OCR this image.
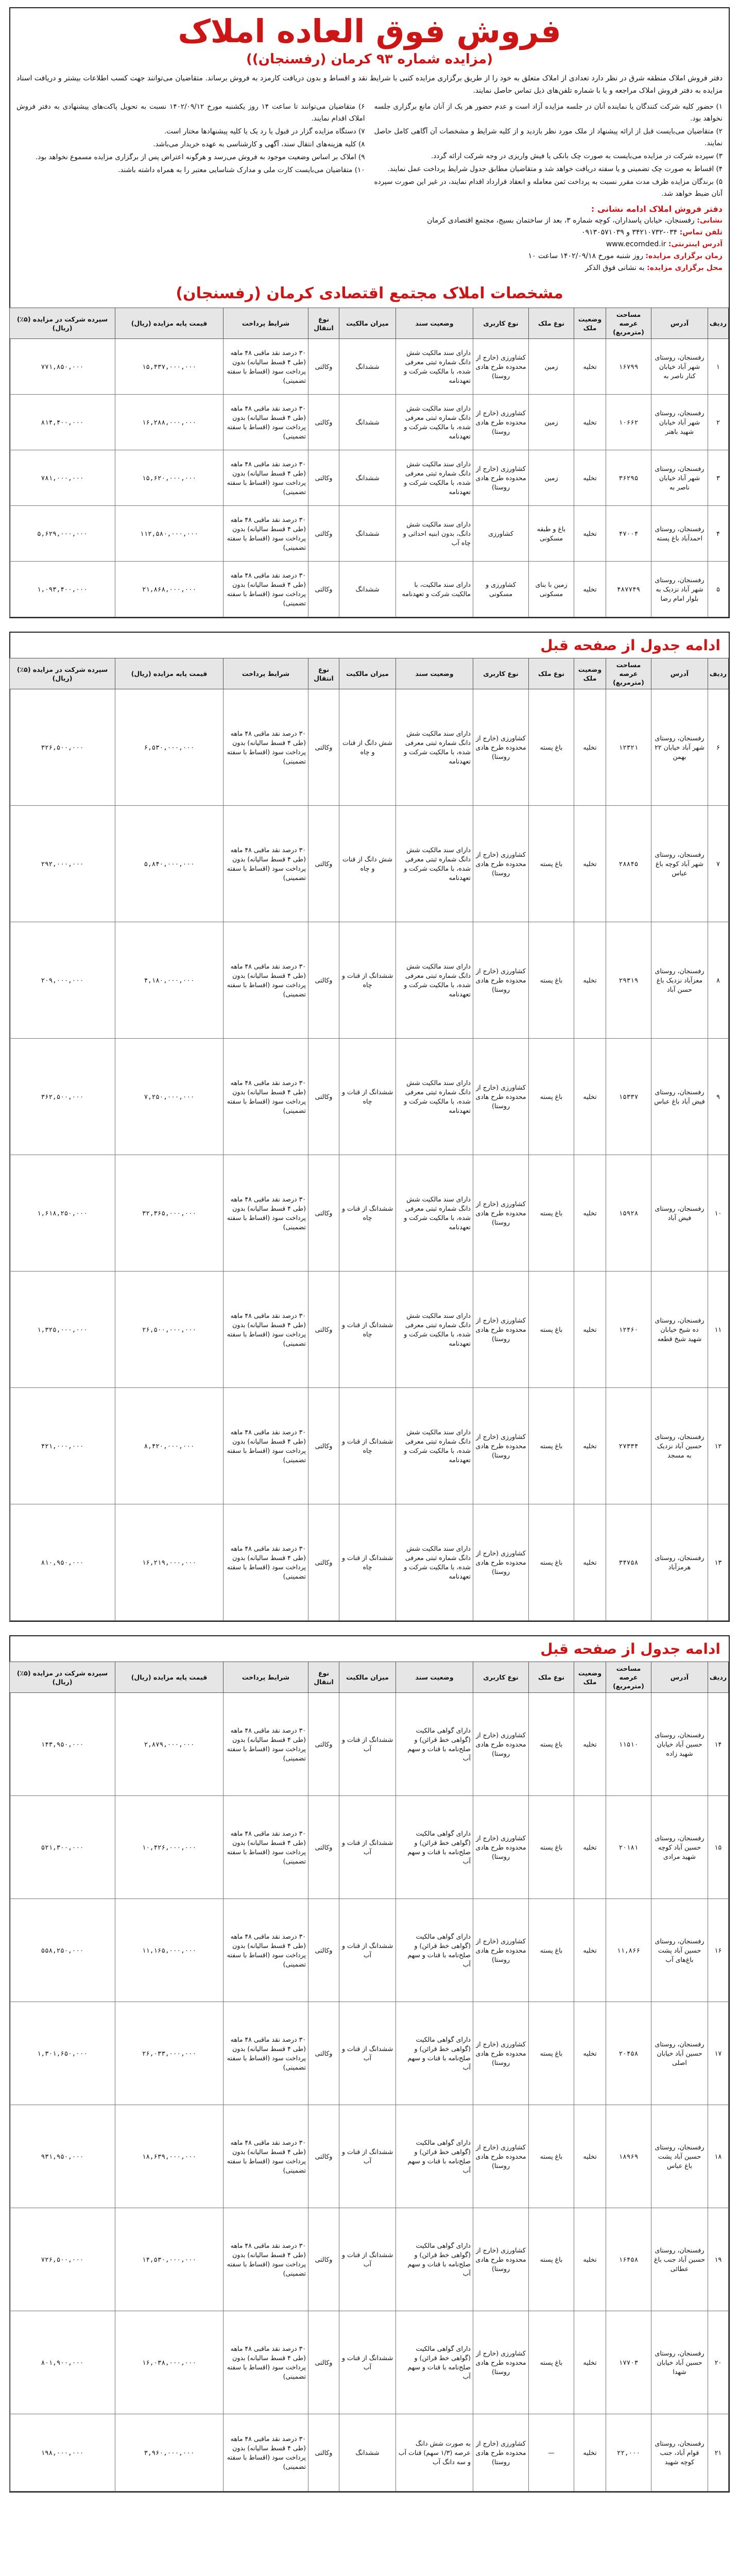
فروش فوق العاده املاک
(مزایده شماره ۹۳ کرمان (رفسنجان))
دفتر فروش املاک منطقه شرق در نظر دارد تعدادی از املاک متعلق به خود را از طریق برگزاری مزایده کتبی با شرایط نقد و اقساط و بدون دریافت کارمزد به فروش برساند. متقاضیان می‌توانند جهت کسب اطلاعات بیشتر و دریافت اسناد مزایده به دفتر فروش املاک مراجعه و یا با شماره تلفن‌های ذیل تماس حاصل نمایند.

۱) حضور کلیه شرکت کنندگان یا نماینده آنان در جلسه مزایده آزاد است و عدم حضور هر یک از آنان مانع برگزاری جلسه نخواهد بود.

۲) متقاضیان می‌بایست قبل از ارائه پیشنهاد از ملک مورد نظر بازدید و از کلیه شرایط و مشخصات آن آگاهی کامل حاصل نمایند.

۳) سپرده شرکت در مزایده می‌بایست به صورت چک بانکی یا فیش واریزی در وجه شرکت ارائه گردد.

۴) اقساط به صورت چک تضمینی و یا سفته دریافت خواهد شد و متقاضیان مطابق جدول شرایط پرداخت عمل نمایند.

۵) برندگان مزایده ظرف مدت مقرر نسبت به پرداخت ثمن معامله و انعقاد قرارداد اقدام نمایند، در غیر این صورت سپرده آنان ضبط خواهد شد.

دفتر فروش املاک ادامه نشانی :
نشانی: رفسنجان، خیابان پاسداران، کوچه شماره ۳، بعد از ساختمان بسیج، مجتمع اقتصادی کرمان
تلفن تماس: ۰۳۴-۳۴۲۱۰۷۳۲ و ۰۹۱۳۰۵۷۱۰۳۹
آدرس اینترنتی: www.ecomded.ir
زمان برگزاری مزایده: روز شنبه مورخ ۱۴۰۲/۰۹/۱۸ ساعت ۱۰
محل برگزاری مزایده: به نشانی فوق الذکر

۶) متقاضیان می‌توانند تا ساعت ۱۴ روز یکشنبه مورخ ۱۴۰۲/۰۹/۱۲ نسبت به تحویل پاکت‌های پیشنهادی به دفتر فروش املاک اقدام نمایند.

۷) دستگاه مزایده گزار در قبول یا رد یک یا کلیه پیشنهادها مختار است.

۸) کلیه هزینه‌های انتقال سند، آگهی و کارشناسی به عهده خریدار می‌باشد.

۹) املاک بر اساس وضعیت موجود به فروش می‌رسد و هرگونه اعتراض پس از برگزاری مزایده مسموع نخواهد بود.

۱۰) متقاضیان می‌بایست کارت ملی و مدارک شناسایی معتبر را به همراه داشته باشند.

مشخصات املاک مجتمع اقتصادی کرمان (رفسنجان)
ردیف	آدرس	مساحت عرصه (مترمربع)	وضعیت ملک	نوع ملک	نوع کاربری	وضعیت سند	میزان مالکیت	نوع انتقال	شرایط پرداخت	قیمت پایه مزایده (ریال)	سپرده شرکت در مزایده (۵٪) (ریال)
۱	رفسنجان، روستای شهر آباد خیابان کنار ناصر به	۱۶۷۹۹	تخلیه	زمین	کشاورزی (خارج از محدوده طرح هادی روستا)	دارای سند مالکیت شش دانگ شماره ثبتی معرفی شده، با مالکیت شرکت و تعهدنامه	ششدانگ	وکالتی	۳۰ درصد نقد ماقبی ۴۸ ماهه (طی ۴ قسط سالیانه) بدون پرداخت سود (اقساط با سفته تضمینی)	۱۵,۴۳۷,۰۰۰,۰۰۰	۷۷۱,۸۵۰,۰۰۰
۲	رفسنجان، روستای شهر آباد خیابان شهید باهنر	۱۰۶۶۲	تخلیه	زمین	کشاورزی (خارج از محدوده طرح هادی روستا)	دارای سند مالکیت شش دانگ شماره ثبتی معرفی شده، با مالکیت شرکت و تعهدنامه	ششدانگ	وکالتی	۳۰ درصد نقد ماقبی ۴۸ ماهه (طی ۴ قسط سالیانه) بدون پرداخت سود (اقساط با سفته تضمینی)	۱۶,۲۸۸,۰۰۰,۰۰۰	۸۱۴,۴۰۰,۰۰۰
۳	رفسنجان، روستای شهر آباد خیابان ناصر به	۳۶۲۹۵	تخلیه	زمین	کشاورزی (خارج از محدوده طرح هادی روستا)	دارای سند مالکیت شش دانگ شماره ثبتی معرفی شده، با مالکیت شرکت و تعهدنامه	ششدانگ	وکالتی	۳۰ درصد نقد ماقبی ۴۸ ماهه (طی ۴ قسط سالیانه) بدون پرداخت سود (اقساط با سفته تضمینی)	۱۵,۶۲۰,۰۰۰,۰۰۰	۷۸۱,۰۰۰,۰۰۰
۴	رفسنجان، روستای احمدآباد باغ پسته	۴۷۰۰۴	تخلیه	باغ و طبقه مسکونی	کشاورزی	دارای سند مالکیت شش دانگ، بدون ابنیه احداثی و چاه آب	ششدانگ	وکالتی	۳۰ درصد نقد ماقبی ۴۸ ماهه (طی ۴ قسط سالیانه) بدون پرداخت سود (اقساط با سفته تضمینی)	۱۱۲,۵۸۰,۰۰۰,۰۰۰	۵,۶۲۹,۰۰۰,۰۰۰
۵	رفسنجان، روستای شهر آباد نزدیک به بلوار امام رضا	۴۸۷۷۴۹	تخلیه	زمین با بنای مسکونی	کشاورزی و مسکونی	دارای سند مالکیت، با مالکیت شرکت و تعهدنامه	ششدانگ	وکالتی	۳۰ درصد نقد ماقبی ۴۸ ماهه (طی ۴ قسط سالیانه) بدون پرداخت سود (اقساط با سفته تضمینی)	۲۱,۸۶۸,۰۰۰,۰۰۰	۱,۰۹۳,۴۰۰,۰۰۰
ادامه جدول از صفحه قبل
ردیف	آدرس	مساحت عرصه (مترمربع)	وضعیت ملک	نوع ملک	نوع کاربری	وضعیت سند	میزان مالکیت	نوع انتقال	شرایط پرداخت	قیمت پایه مزایده (ریال)	سپرده شرکت در مزایده (۵٪) (ریال)
۶	رفسنجان، روستای شهر آباد خیابان ۲۲ بهمن	۱۲۳۲۱	تخلیه	باغ پسته	کشاورزی (خارج از محدوده طرح هادی روستا)	دارای سند مالکیت شش دانگ شماره ثبتی معرفی شده، با مالکیت شرکت و تعهدنامه	شش دانگ از قنات و چاه	وکالتی	۳۰ درصد نقد ماقبی ۴۸ ماهه (طی ۴ قسط سالیانه) بدون پرداخت سود (اقساط با سفته تضمینی)	۶,۵۳۰,۰۰۰,۰۰۰	۳۲۶,۵۰۰,۰۰۰
۷	رفسنجان، روستای شهر آباد کوچه باغ عباس	۲۸۸۴۵	تخلیه	باغ پسته	کشاورزی (خارج از محدوده طرح هادی روستا)	دارای سند مالکیت شش دانگ شماره ثبتی معرفی شده، با مالکیت شرکت و تعهدنامه	شش دانگ از قنات و چاه	وکالتی	۳۰ درصد نقد ماقبی ۴۸ ماهه (طی ۴ قسط سالیانه) بدون پرداخت سود (اقساط با سفته تضمینی)	۵,۸۴۰,۰۰۰,۰۰۰	۲۹۲,۰۰۰,۰۰۰
۸	رفسنجان، روستای معزآباد نزدیک باغ حسن آباد	۲۹۳۱۹	تخلیه	باغ پسته	کشاورزی (خارج از محدوده طرح هادی روستا)	دارای سند مالکیت شش دانگ شماره ثبتی معرفی شده، با مالکیت شرکت و تعهدنامه	ششدانگ از قنات و چاه	وکالتی	۳۰ درصد نقد ماقبی ۴۸ ماهه (طی ۴ قسط سالیانه) بدون پرداخت سود (اقساط با سفته تضمینی)	۴,۱۸۰,۰۰۰,۰۰۰	۲۰۹,۰۰۰,۰۰۰
۹	رفسنجان، روستای فیض آباد باغ عباس	۱۵۳۳۷	تخلیه	باغ پسته	کشاورزی (خارج از محدوده طرح هادی روستا)	دارای سند مالکیت شش دانگ شماره ثبتی معرفی شده، با مالکیت شرکت و تعهدنامه	ششدانگ از قنات و چاه	وکالتی	۳۰ درصد نقد ماقبی ۴۸ ماهه (طی ۴ قسط سالیانه) بدون پرداخت سود (اقساط با سفته تضمینی)	۷,۲۵۰,۰۰۰,۰۰۰	۳۶۲,۵۰۰,۰۰۰
۱۰	رفسنجان، روستای فیض آباد	۱۵۹۲۸	تخلیه	باغ پسته	کشاورزی (خارج از محدوده طرح هادی روستا)	دارای سند مالکیت شش دانگ شماره ثبتی معرفی شده، با مالکیت شرکت و تعهدنامه	ششدانگ از قنات و چاه	وکالتی	۳۰ درصد نقد ماقبی ۴۸ ماهه (طی ۴ قسط سالیانه) بدون پرداخت سود (اقساط با سفته تضمینی)	۳۲,۳۶۵,۰۰۰,۰۰۰	۱,۶۱۸,۲۵۰,۰۰۰
۱۱	رفسنجان، روستای ده شیخ خیابان شهید شیخ قطعه	۱۲۴۶۰	تخلیه	باغ پسته	کشاورزی (خارج از محدوده طرح هادی روستا)	دارای سند مالکیت شش دانگ شماره ثبتی معرفی شده، با مالکیت شرکت و تعهدنامه	ششدانگ از قنات و چاه	وکالتی	۳۰ درصد نقد ماقبی ۴۸ ماهه (طی ۴ قسط سالیانه) بدون پرداخت سود (اقساط با سفته تضمینی)	۲۶,۵۰۰,۰۰۰,۰۰۰	۱,۳۲۵,۰۰۰,۰۰۰
۱۲	رفسنجان، روستای حسین آباد نزدیک به مسجد	۲۷۳۳۴	تخلیه	باغ پسته	کشاورزی (خارج از محدوده طرح هادی روستا)	دارای سند مالکیت شش دانگ شماره ثبتی معرفی شده، با مالکیت شرکت و تعهدنامه	ششدانگ از قنات و چاه	وکالتی	۳۰ درصد نقد ماقبی ۴۸ ماهه (طی ۴ قسط سالیانه) بدون پرداخت سود (اقساط با سفته تضمینی)	۸,۴۲۰,۰۰۰,۰۰۰	۴۲۱,۰۰۰,۰۰۰
۱۳	رفسنجان، روستای هرمزآباد	۳۴۷۵۸	تخلیه	باغ پسته	کشاورزی (خارج از محدوده طرح هادی روستا)	دارای سند مالکیت شش دانگ شماره ثبتی معرفی شده، با مالکیت شرکت و تعهدنامه	ششدانگ از قنات و چاه	وکالتی	۳۰ درصد نقد ماقبی ۴۸ ماهه (طی ۴ قسط سالیانه) بدون پرداخت سود (اقساط با سفته تضمینی)	۱۶,۲۱۹,۰۰۰,۰۰۰	۸۱۰,۹۵۰,۰۰۰
ادامه جدول از صفحه قبل
ردیف	آدرس	مساحت عرصه (مترمربع)	وضعیت ملک	نوع ملک	نوع کاربری	وضعیت سند	میزان مالکیت	نوع انتقال	شرایط پرداخت	قیمت پایه مزایده (ریال)	سپرده شرکت در مزایده (۵٪) (ریال)
۱۴	رفسنجان، روستای حسین آباد خیابان شهید زاده	۱۱۵۱۰	تخلیه	باغ پسته	کشاورزی (خارج از محدوده طرح هادی روستا)	دارای گواهی مالکیت (گواهی خط قرائن) و صلح‌نامه با قنات و سهم آب	ششدانگ از قنات و آب	وکالتی	۳۰ درصد نقد ماقبی ۴۸ ماهه (طی ۴ قسط سالیانه) بدون پرداخت سود (اقساط با سفته تضمینی)	۲,۸۷۹,۰۰۰,۰۰۰	۱۴۳,۹۵۰,۰۰۰
۱۵	رفسنجان، روستای حسین آباد کوچه شهید مرادی	۲۰۱۸۱	تخلیه	باغ پسته	کشاورزی (خارج از محدوده طرح هادی روستا)	دارای گواهی مالکیت (گواهی خط قرائن) و صلح‌نامه با قنات و سهم آب	ششدانگ از قنات و آب	وکالتی	۳۰ درصد نقد ماقبی ۴۸ ماهه (طی ۴ قسط سالیانه) بدون پرداخت سود (اقساط با سفته تضمینی)	۱۰,۴۲۶,۰۰۰,۰۰۰	۵۲۱,۳۰۰,۰۰۰
۱۶	رفسنجان، روستای حسین آباد پشت باغ‌های آب	۱۱,۸۶۶	تخلیه	باغ پسته	کشاورزی (خارج از محدوده طرح هادی روستا)	دارای گواهی مالکیت (گواهی خط قرائن) و صلح‌نامه با قنات و سهم آب	ششدانگ از قنات و آب	وکالتی	۳۰ درصد نقد ماقبی ۴۸ ماهه (طی ۴ قسط سالیانه) بدون پرداخت سود (اقساط با سفته تضمینی)	۱۱,۱۶۵,۰۰۰,۰۰۰	۵۵۸,۲۵۰,۰۰۰
۱۷	رفسنجان، روستای حسین آباد خیابان اصلی	۲۰۴۵۸	تخلیه	باغ پسته	کشاورزی (خارج از محدوده طرح هادی روستا)	دارای گواهی مالکیت (گواهی خط قرائن) و صلح‌نامه با قنات و سهم آب	ششدانگ از قنات و آب	وکالتی	۳۰ درصد نقد ماقبی ۴۸ ماهه (طی ۴ قسط سالیانه) بدون پرداخت سود (اقساط با سفته تضمینی)	۲۶,۰۳۳,۰۰۰,۰۰۰	۱,۳۰۱,۶۵۰,۰۰۰
۱۸	رفسنجان، روستای حسین آباد پشت باغ عباس	۱۸۹۶۹	تخلیه	باغ پسته	کشاورزی (خارج از محدوده طرح هادی روستا)	دارای گواهی مالکیت (گواهی خط قرائن) و صلح‌نامه با قنات و سهم آب	ششدانگ از قنات و آب	وکالتی	۳۰ درصد نقد ماقبی ۴۸ ماهه (طی ۴ قسط سالیانه) بدون پرداخت سود (اقساط با سفته تضمینی)	۱۸,۶۳۹,۰۰۰,۰۰۰	۹۳۱,۹۵۰,۰۰۰
۱۹	رفسنجان، روستای حسین آباد جنب باغ عطائی	۱۶۴۵۸	تخلیه	باغ پسته	کشاورزی (خارج از محدوده طرح هادی روستا)	دارای گواهی مالکیت (گواهی خط قرائن) و صلح‌نامه با قنات و سهم آب	ششدانگ از قنات و آب	وکالتی	۳۰ درصد نقد ماقبی ۴۸ ماهه (طی ۴ قسط سالیانه) بدون پرداخت سود (اقساط با سفته تضمینی)	۱۴,۵۳۰,۰۰۰,۰۰۰	۷۲۶,۵۰۰,۰۰۰
۲۰	رفسنجان، روستای حسین آباد خیابان شهدا	۱۷۷۰۳	تخلیه	باغ پسته	کشاورزی (خارج از محدوده طرح هادی روستا)	دارای گواهی مالکیت (گواهی خط قرائن) و صلح‌نامه با قنات و سهم آب	ششدانگ از قنات و آب	وکالتی	۳۰ درصد نقد ماقبی ۴۸ ماهه (طی ۴ قسط سالیانه) بدون پرداخت سود (اقساط با سفته تضمینی)	۱۶,۰۳۸,۰۰۰,۰۰۰	۸۰۱,۹۰۰,۰۰۰
۲۱	رفسنجان، روستای قوام آباد، جنب کوچه شهید	۲۲,۰۰۰	تخلیه	—	کشاورزی (خارج از محدوده طرح هادی روستا)	به صورت شش دانگ عرصه (۱/۳ سهم) قنات آب و سه دانگ آب	ششدانگ	وکالتی	۳۰ درصد نقد ماقبی ۴۸ ماهه (طی ۴ قسط سالیانه) بدون پرداخت سود (اقساط با سفته تضمینی)	۳,۹۶۰,۰۰۰,۰۰۰	۱۹۸,۰۰۰,۰۰۰
